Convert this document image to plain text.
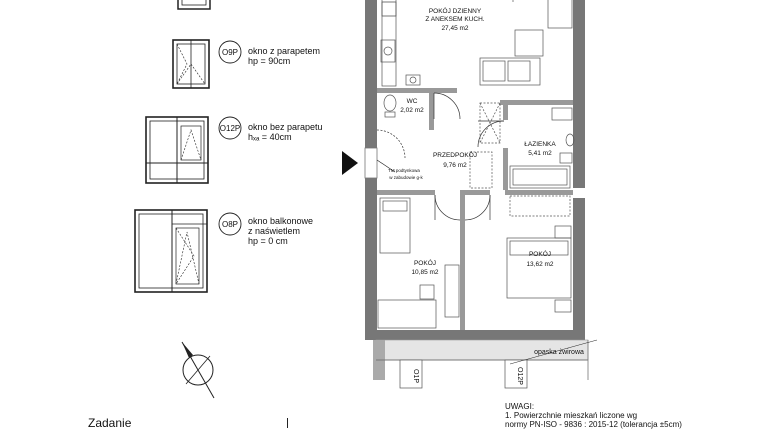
O9P
O12P
O8P
POKÓJ DZIENNY
Z ANEKSEM KUCH.
27,45 m2
WC
2,02 m2
PRZEDPOKÓJ
9,76 m2
ŁAZIENKA
5,41 m2
POKÓJ
10,85 m2
POKÓJ
13,62 m2
TM podtynkowa
w zabudowie g-k
opaska żwirowa
O1P	O12P
okno z parapetem
hp = 90cm
okno bez parapetu
hₓₐ = 40cm
okno balkonowe
z naświetlem
hp = 0 cm
UWAGI:
1. Powierzchnie mieszkań liczone wg
normy PN-ISO - 9836 : 2015-12 (tolerancja ±5cm)
Zadanie
